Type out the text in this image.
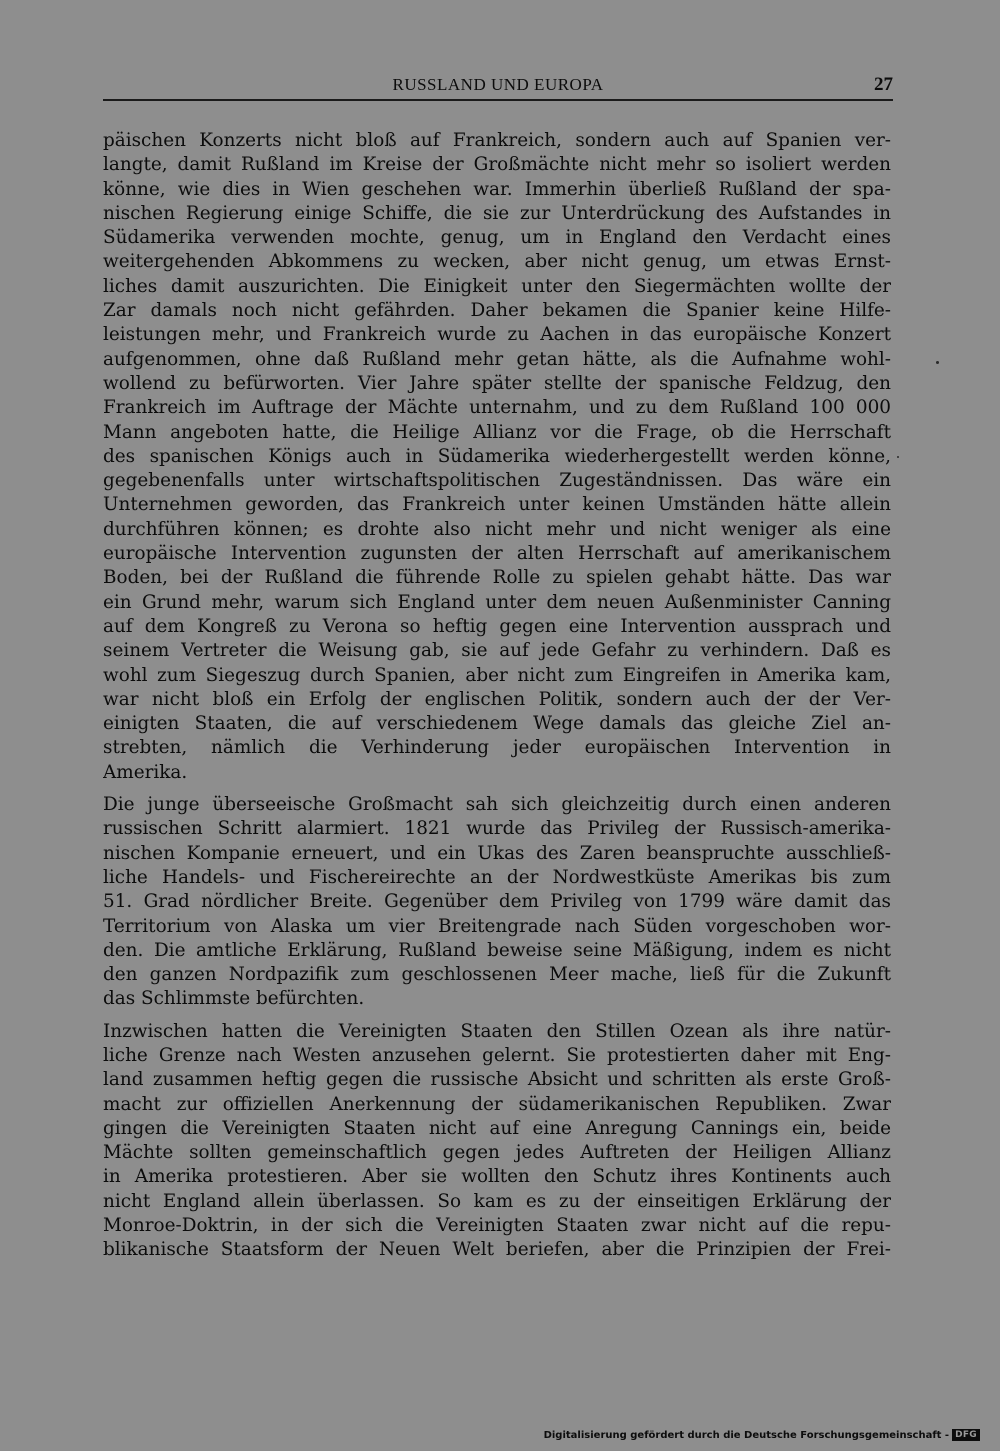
RUSSLAND UND EUROPA	27
päischen Konzerts nicht bloß auf Frankreich, sondern auch auf Spanien ver-
langte, damit Rußland im Kreise der Großmächte nicht mehr so isoliert werden
könne, wie dies in Wien geschehen war. Immerhin überließ Rußland der spa-
nischen Regierung einige Schiffe, die sie zur Unterdrückung des Aufstandes in
Südamerika verwenden mochte, genug, um in England den Verdacht eines
weitergehenden Abkommens zu wecken, aber nicht genug, um etwas Ernst-
liches damit auszurichten. Die Einigkeit unter den Siegermächten wollte der
Zar damals noch nicht gefährden. Daher bekamen die Spanier keine Hilfe-
leistungen mehr, und Frankreich wurde zu Aachen in das europäische Konzert
aufgenommen, ohne daß Rußland mehr getan hätte, als die Aufnahme wohl-
wollend zu befürworten. Vier Jahre später stellte der spanische Feldzug, den
Frankreich im Auftrage der Mächte unternahm, und zu dem Rußland 100 000
Mann angeboten hatte, die Heilige Allianz vor die Frage, ob die Herrschaft
des spanischen Königs auch in Südamerika wiederhergestellt werden könne,
gegebenenfalls unter wirtschaftspolitischen Zugeständnissen. Das wäre ein
Unternehmen geworden, das Frankreich unter keinen Umständen hätte allein
durchführen können; es drohte also nicht mehr und nicht weniger als eine
europäische Intervention zugunsten der alten Herrschaft auf amerikanischem
Boden, bei der Rußland die führende Rolle zu spielen gehabt hätte. Das war
ein Grund mehr, warum sich England unter dem neuen Außenminister Canning
auf dem Kongreß zu Verona so heftig gegen eine Intervention aussprach und
seinem Vertreter die Weisung gab, sie auf jede Gefahr zu verhindern. Daß es
wohl zum Siegeszug durch Spanien, aber nicht zum Eingreifen in Amerika kam,
war nicht bloß ein Erfolg der englischen Politik, sondern auch der der Ver-
einigten Staaten, die auf verschiedenem Wege damals das gleiche Ziel an-
strebten, nämlich die Verhinderung jeder europäischen Intervention in
Amerika.
Die junge überseeische Großmacht sah sich gleichzeitig durch einen anderen
russischen Schritt alarmiert. 1821 wurde das Privileg der Russisch-amerika-
nischen Kompanie erneuert, und ein Ukas des Zaren beanspruchte ausschließ-
liche Handels- und Fischereirechte an der Nordwestküste Amerikas bis zum
51. Grad nördlicher Breite. Gegenüber dem Privileg von 1799 wäre damit das
Territorium von Alaska um vier Breitengrade nach Süden vorgeschoben wor-
den. Die amtliche Erklärung, Rußland beweise seine Mäßigung, indem es nicht
den ganzen Nordpazifik zum geschlossenen Meer mache, ließ für die Zukunft
das Schlimmste befürchten.
Inzwischen hatten die Vereinigten Staaten den Stillen Ozean als ihre natür-
liche Grenze nach Westen anzusehen gelernt. Sie protestierten daher mit Eng-
land zusammen heftig gegen die russische Absicht und schritten als erste Groß-
macht zur offiziellen Anerkennung der südamerikanischen Republiken. Zwar
gingen die Vereinigten Staaten nicht auf eine Anregung Cannings ein, beide
Mächte sollten gemeinschaftlich gegen jedes Auftreten der Heiligen Allianz
in Amerika protestieren. Aber sie wollten den Schutz ihres Kontinents auch
nicht England allein überlassen. So kam es zu der einseitigen Erklärung der
Monroe-Doktrin, in der sich die Vereinigten Staaten zwar nicht auf die repu-
blikanische Staatsform der Neuen Welt beriefen, aber die Prinzipien der Frei-
Digitalisierung gefördert durch die Deutsche Forschungsgemeinschaft - DFG
